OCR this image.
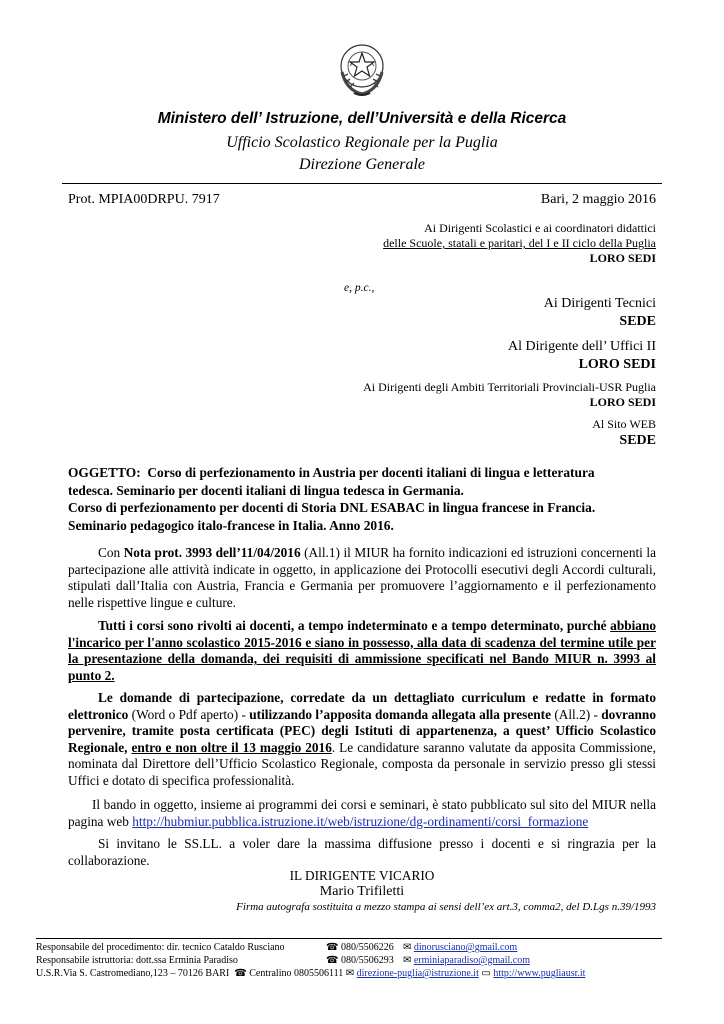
Ministero dell’ Istruzione, dell’Università e della Ricerca
Ufficio Scolastico Regionale per la Puglia
Direzione Generale
Prot. MPIA00DRPU. 7917	Bari, 2 maggio 2016
Ai Dirigenti Scolastici e ai coordinatori didattici
delle Scuole, statali e paritari, del I e II ciclo della Puglia
LORO SEDI
e, p.c.,
Ai Dirigenti Tecnici
SEDE
Al Dirigente dell’ Uffici II
LORO SEDI
Ai Dirigenti degli Ambiti Territoriali Provinciali-USR Puglia
LORO SEDI
Al Sito WEB
SEDE
OGGETTO: Corso di perfezionamento in Austria per docenti italiani di lingua e letteratura
tedesca. Seminario per docenti italiani di lingua tedesca in Germania.
Corso di perfezionamento per docenti di Storia DNL ESABAC in lingua francese in Francia.
Seminario pedagogico italo-francese in Italia. Anno 2016.
Con Nota prot. 3993 dell’11/04/2016 (All.1) il MIUR ha fornito indicazioni ed istruzioni concernenti la partecipazione alle attività indicate in oggetto, in applicazione dei Protocolli esecutivi degli Accordi culturali, stipulati dall’Italia con Austria, Francia e Germania per promuovere l’aggiornamento e il perfezionamento nelle rispettive lingue e culture.
Tutti i corsi sono rivolti ai docenti, a tempo indeterminato e a tempo determinato, purché abbiano l'incarico per l'anno scolastico 2015-2016 e siano in possesso, alla data di scadenza del termine utile per la presentazione della domanda, dei requisiti di ammissione specificati nel Bando MIUR n. 3993 al punto 2.
Le domande di partecipazione, corredate da un dettagliato curriculum e redatte in formato elettronico (Word o Pdf aperto) - utilizzando l’apposita domanda allegata alla presente (All.2) - dovranno pervenire, tramite posta certificata (PEC) degli Istituti di appartenenza, a quest’ Ufficio Scolastico Regionale, entro e non oltre il 13 maggio 2016. Le candidature saranno valutate da apposita Commissione, nominata dal Direttore dell’Ufficio Scolastico Regionale, composta da personale in servizio presso gli stessi Uffici e dotato di specifica professionalità.
Il bando in oggetto, insieme ai programmi dei corsi e seminari, è stato pubblicato sul sito del MIUR nella pagina web http://hubmiur.pubblica.istruzione.it/web/istruzione/dg-ordinamenti/corsi_formazione
Si invitano le SS.LL. a voler dare la massima diffusione presso i docenti e si ringrazia per la collaborazione.
IL DIRIGENTE VICARIO
Mario Trifiletti
Firma autografa sostituita a mezzo stampa ai sensi dell’ex art.3, comma2, del D.Lgs n.39/1993
Responsabile del procedimento: dir. tecnico Cataldo Rusciano	☎ 080/5506226 ✉ dinorusciano@gmail.com
Responsabile istruttoria: dott.ssa Erminia Paradiso	☎ 080/5506293 ✉ erminiaparadiso@gmail.com
U.S.R.Via S. Castromediano,123 – 70126 BARI ☎ Centralino 0805506111 ✉ direzione-puglia@istruzione.it ▭ http://www.pugliausr.it
